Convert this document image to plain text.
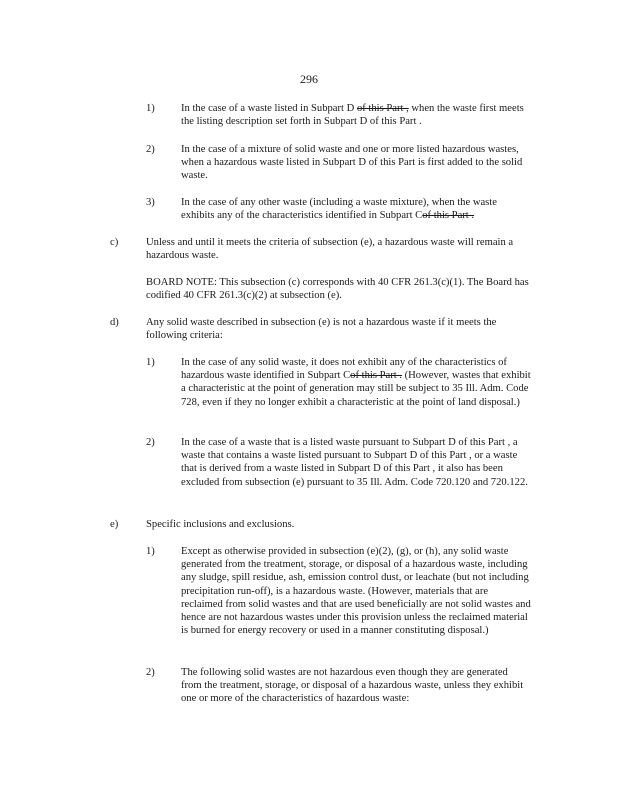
296
1) In the case of a waste listed in Subpart D of this Part , when the waste first meets the listing description set forth in Subpart D of this Part .
2) In the case of a mixture of solid waste and one or more listed hazardous wastes, when a hazardous waste listed in Subpart D of this Part is first added to the solid waste.
3) In the case of any other waste (including a waste mixture), when the waste exhibits any of the characteristics identified in Subpart Cof this Part .
c)	Unless and until it meets the criteria of subsection (e), a hazardous waste will remain a hazardous waste.
BOARD NOTE: This subsection (c) corresponds with 40 CFR 261.3(c)(1). The Board has codified 40 CFR 261.3(c)(2) at subsection (e).
d)	Any solid waste described in subsection (e) is not a hazardous waste if it meets the following criteria:
1) In the case of any solid waste, it does not exhibit any of the characteristics of hazardous waste identified in Subpart Cof this Part . (However, wastes that exhibit a characteristic at the point of generation may still be subject to 35 Ill. Adm. Code 728, even if they no longer exhibit a characteristic at the point of land disposal.)
2) In the case of a waste that is a listed waste pursuant to Subpart D of this Part , a waste that contains a waste listed pursuant to Subpart D of this Part , or a waste that is derived from a waste listed in Subpart D of this Part , it also has been excluded from subsection (e) pursuant to 35 Ill. Adm. Code 720.120 and 720.122.
e)	Specific inclusions and exclusions.
1) Except as otherwise provided in subsection (e)(2), (g), or (h), any solid waste generated from the treatment, storage, or disposal of a hazardous waste, including any sludge, spill residue, ash, emission control dust, or leachate (but not including precipitation run-off), is a hazardous waste. (However, materials that are reclaimed from solid wastes and that are used beneficially are not solid wastes and hence are not hazardous wastes under this provision unless the reclaimed material is burned for energy recovery or used in a manner constituting disposal.)
2) The following solid wastes are not hazardous even though they are generated from the treatment, storage, or disposal of a hazardous waste, unless they exhibit one or more of the characteristics of hazardous waste:
